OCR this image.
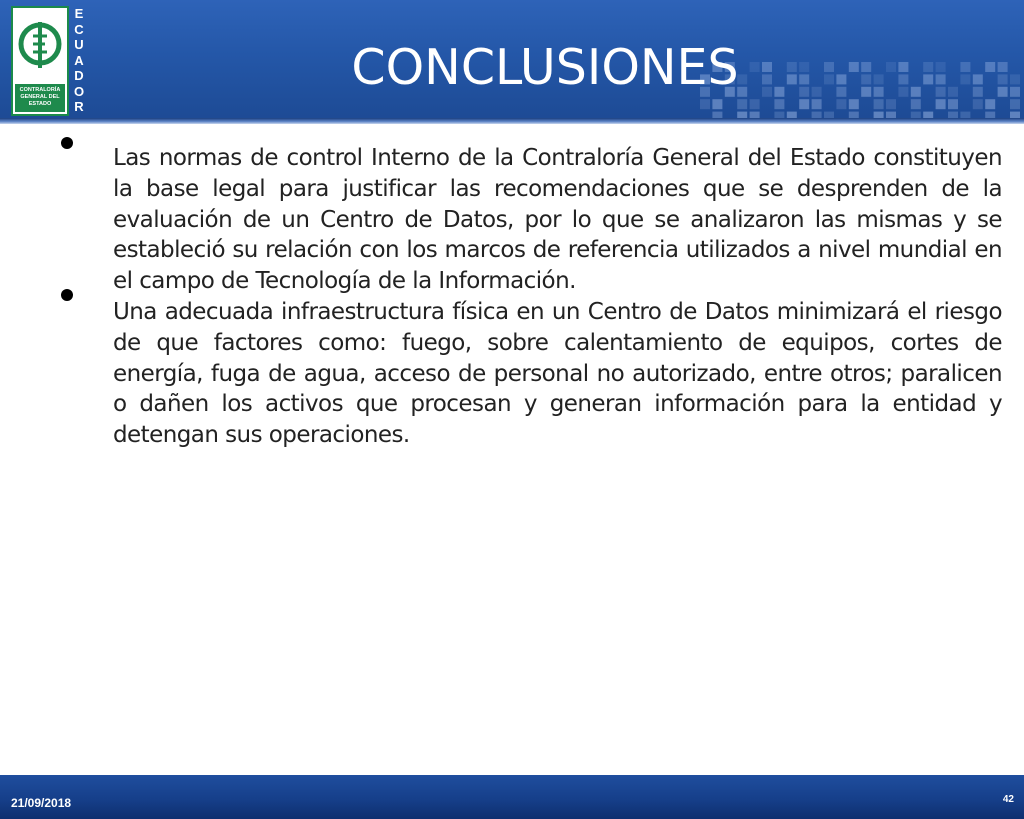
CONTRALORÍA GENERAL DEL ESTADO
E
C
U
A
D
O
R
CONCLUSIONES

Las normas de control Interno de la Contraloría General del Estado constituyen la base legal para justificar las recomendaciones que se desprenden de la evaluación de un Centro de Datos, por lo que se analizaron las mismas y se estableció su relación con los marcos de referencia utilizados a nivel mundial en el campo de Tecnología de la Información.

Una adecuada infraestructura física en un Centro de Datos minimizará el riesgo de que factores como: fuego, sobre calentamiento de equipos, cortes de energía, fuga de agua, acceso de personal no autorizado, entre otros; paralicen o dañen los activos que procesan y generan información para la entidad y detengan sus operaciones.

21/09/2018	42
